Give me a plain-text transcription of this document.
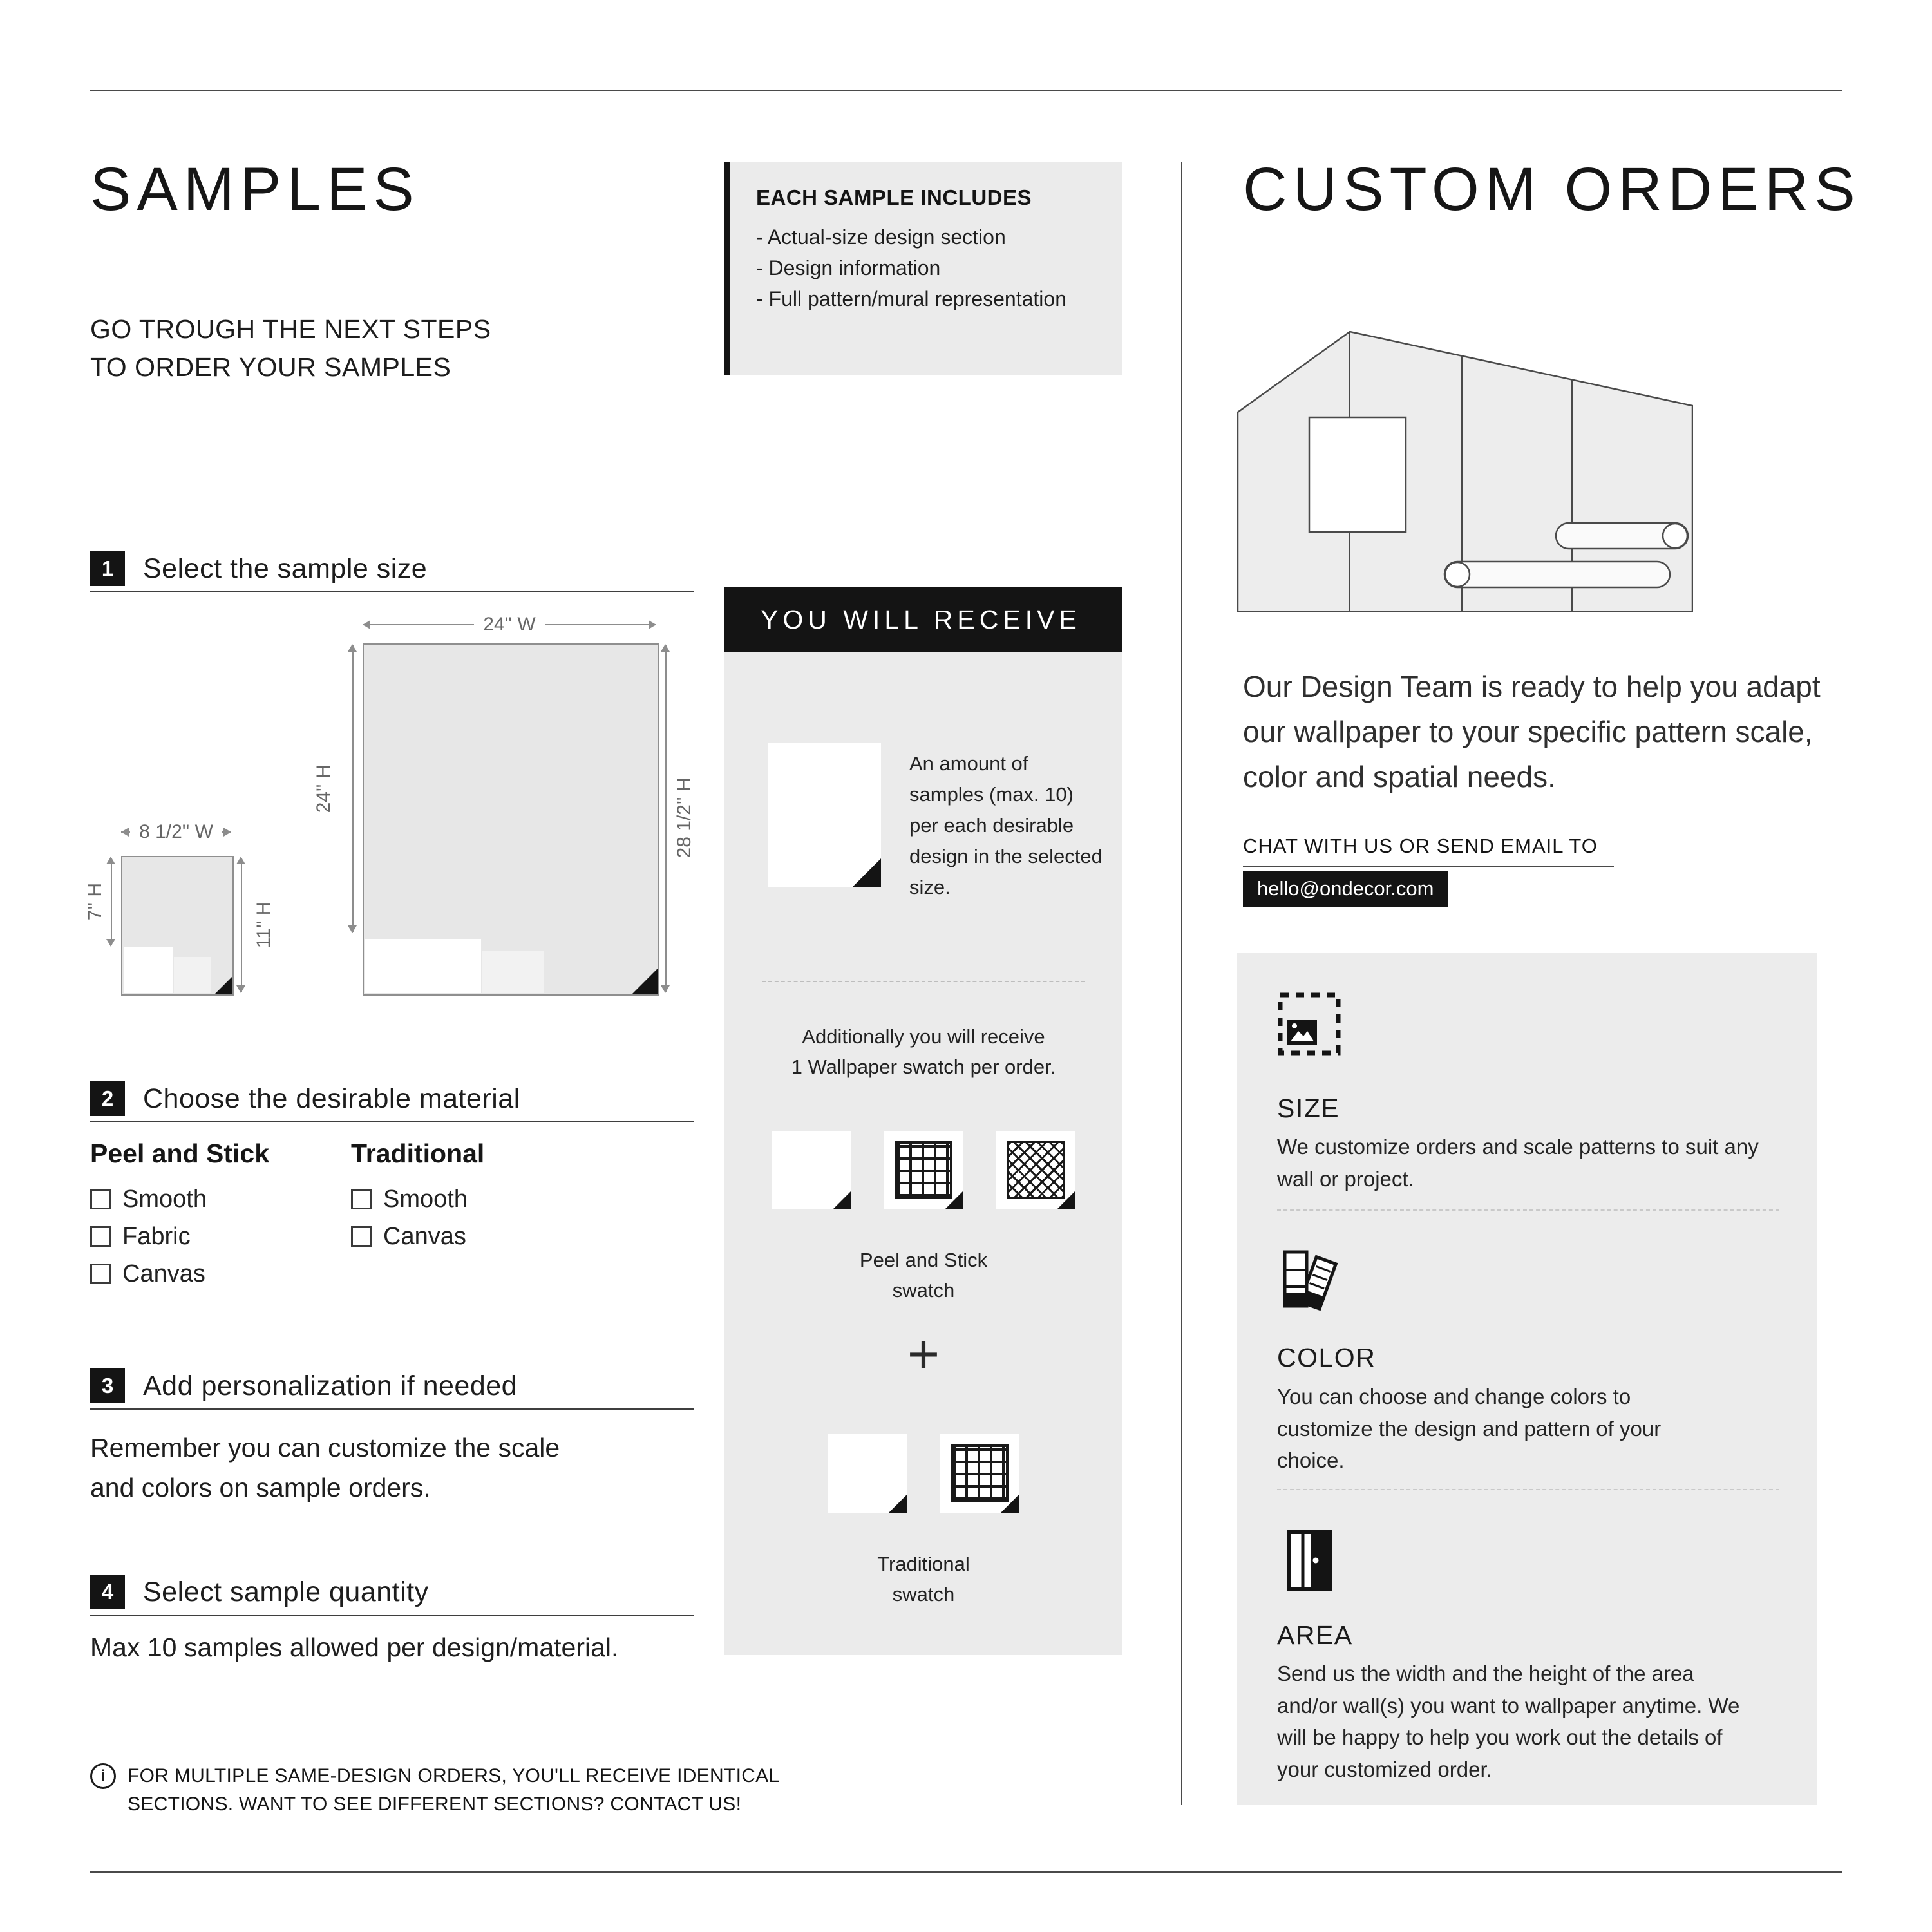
SAMPLES
GO TROUGH THE NEXT STEPS
TO ORDER YOUR SAMPLES
1	Select the sample size
8 1/2'' W
7'' H	11'' H
24'' W
24'' H	28 1/2'' H
2	Choose the desirable material
Peel and Stick
Smooth
Fabric
Canvas
Traditional
Smooth
Canvas
3	Add personalization if needed
Remember you can customize the scale and colors on sample orders.
4	Select sample quantity
Max 10 samples allowed per design/material.
i
FOR MULTIPLE SAME-DESIGN ORDERS, YOU'LL RECEIVE IDENTICAL
SECTIONS. WANT TO SEE DIFFERENT SECTIONS? CONTACT US!
EACH SAMPLE INCLUDES
- Actual-size design section
- Design information
- Full pattern/mural representation
YOU WILL RECEIVE
An amount of samples (max. 10) per each desirable design in the selected size.
Additionally you will receive
1 Wallpaper swatch per order.
Peel and Stick
swatch
+
Traditional
swatch
CUSTOM ORDERS
Our Design Team is ready to help you adapt our wallpaper to your specific pattern scale, color and spatial needs.
CHAT WITH US OR SEND EMAIL TO
hello@ondecor.com
SIZE
We customize orders and scale patterns to suit any wall or project.
COLOR
You can choose and change colors to customize the design and pattern of your choice.
AREA
Send us the width and the height of the area and/or wall(s) you want to wallpaper anytime. We will be happy to help you work out the details of your customized order.
